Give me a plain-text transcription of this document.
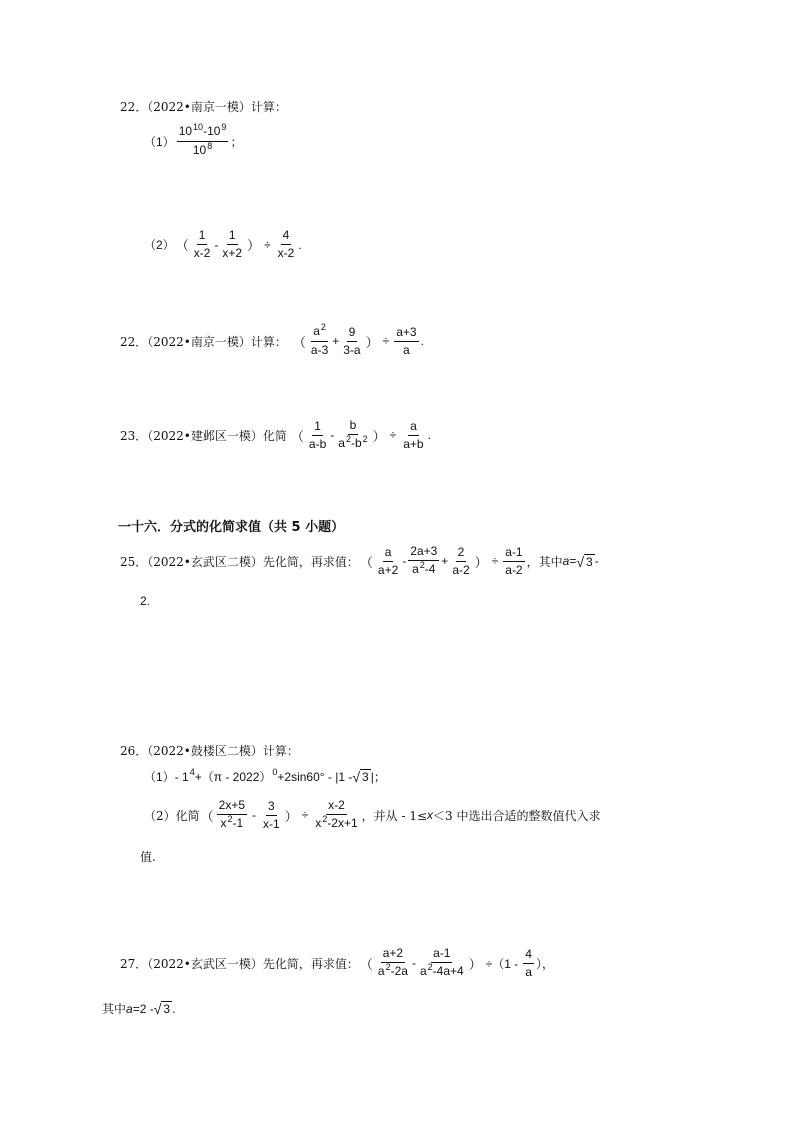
22．（2022•南京一模）计算：
$(1) \frac{10^{10}-10^9}{10^8}$ ；
（2） （ $\frac{1}{x-2} - \frac{1}{x+2}$ ） ÷ $\frac{4}{x-2}$ .
22．（2022•南京一模）计算： （ $\frac{a^2}{a-3} + \frac{9}{3-a}$ ） ÷ $\frac{a+3}{a}$ .
23．（2022•建邺区一模）化简 （ $\frac{1}{a-b} - \frac{b}{a^2-b^2}$ ） ÷ $\frac{a}{a+b}$ .
一十六．分式的化简求值（共 5 小题）
25．（2022•玄武区二模）先化简，再求值： （ $\frac{a}{a+2} - \frac{2a+3}{a^2-4} + \frac{2}{a-2}$ ） ÷ $\frac{a-1}{a-2}$ ，其中 a = √ 3 -
2.
26．（2022•鼓楼区二模）计算：
（1） - 1 4 +（π - 2022） 0 +2sin60° - |1 - √ 3 |；
（2）化简 （ $\frac{2x+5}{x^2-1} - \frac{3}{x-1}$ ） ÷ $\frac{x-2}{x^2-2x+1}$ ，并从 - 1≤ x ＜3 中选出合适的整数值代入求
值.
27．（2022•玄武区一模）先化简，再求值： （ $\frac{a+2}{a^2-2a} - \frac{a-1}{a^2-4a+4}$ ） $\div(1 - \frac{4}{a}$ ），
其中 a =2 - √ 3 .
